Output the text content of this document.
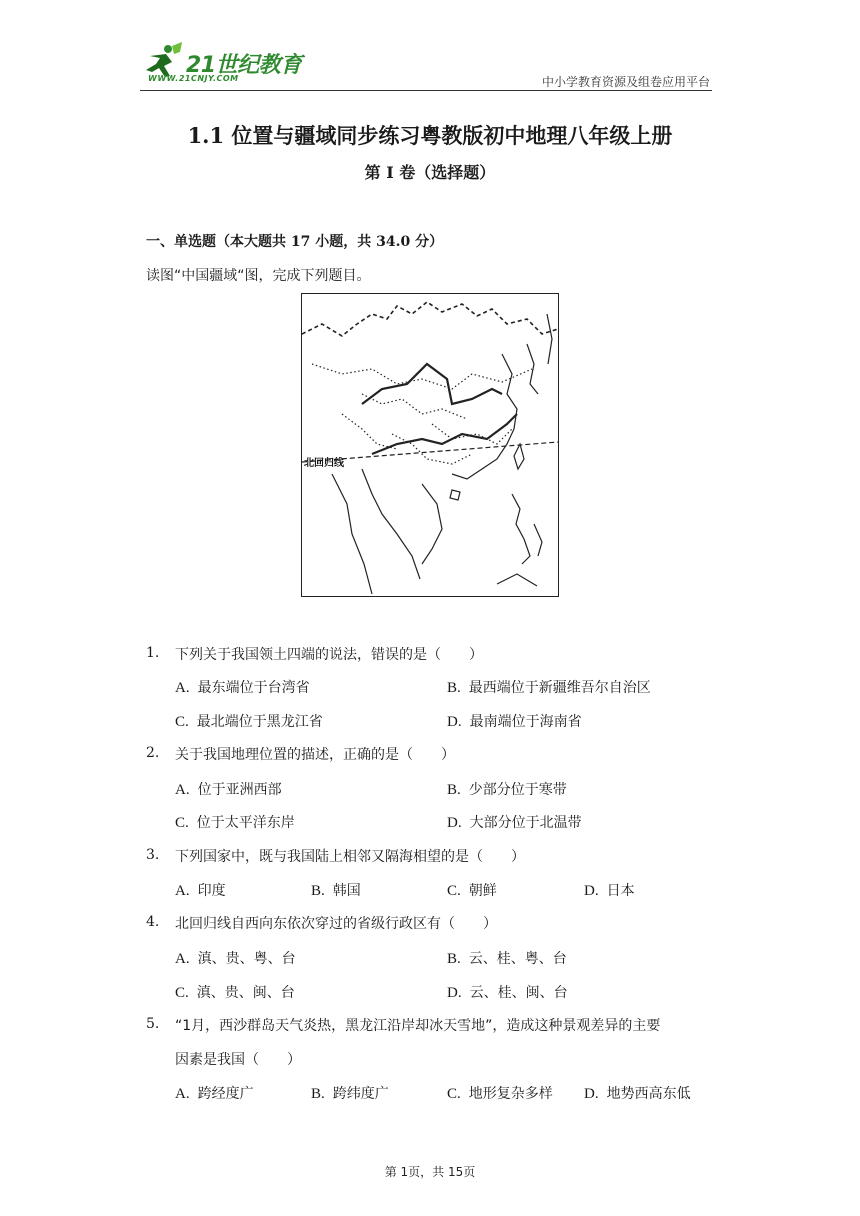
21世纪教育
WWW.21CNJY.COM	中小学教育资源及组卷应用平台
1.1 位置与疆域同步练习粤教版初中地理八年级上册
第 I 卷（选择题）
一、单选题（本大题共 17 小题，共 34.0 分）
读图“中国疆域“图，完成下列题目。
北回归线
1. 下列关于我国领土四端的说法，错误的是（　　）
A. 最东端位于台湾省	B. 最西端位于新疆维吾尔自治区
C. 最北端位于黑龙江省	D. 最南端位于海南省
2. 关于我国地理位置的描述，正确的是（　　）
A. 位于亚洲西部	B. 少部分位于寒带
C. 位于太平洋东岸	D. 大部分位于北温带
3. 下列国家中，既与我国陆上相邻又隔海相望的是（　　）
A. 印度	B. 韩国	C. 朝鲜	D. 日本
4. 北回归线自西向东依次穿过的省级行政区有（　　）
A. 滇、贵、粤、台	B. 云、桂、粤、台
C. 滇、贵、闽、台	D. 云、桂、闽、台
5. “1月，西沙群岛天气炎热，黑龙江沿岸却冰天雪地”，造成这种景观差异的主要
因素是我国（　　）
A. 跨经度广	B. 跨纬度广	C. 地形复杂多样 D. 地势西高东低
第 1页，共 15页
